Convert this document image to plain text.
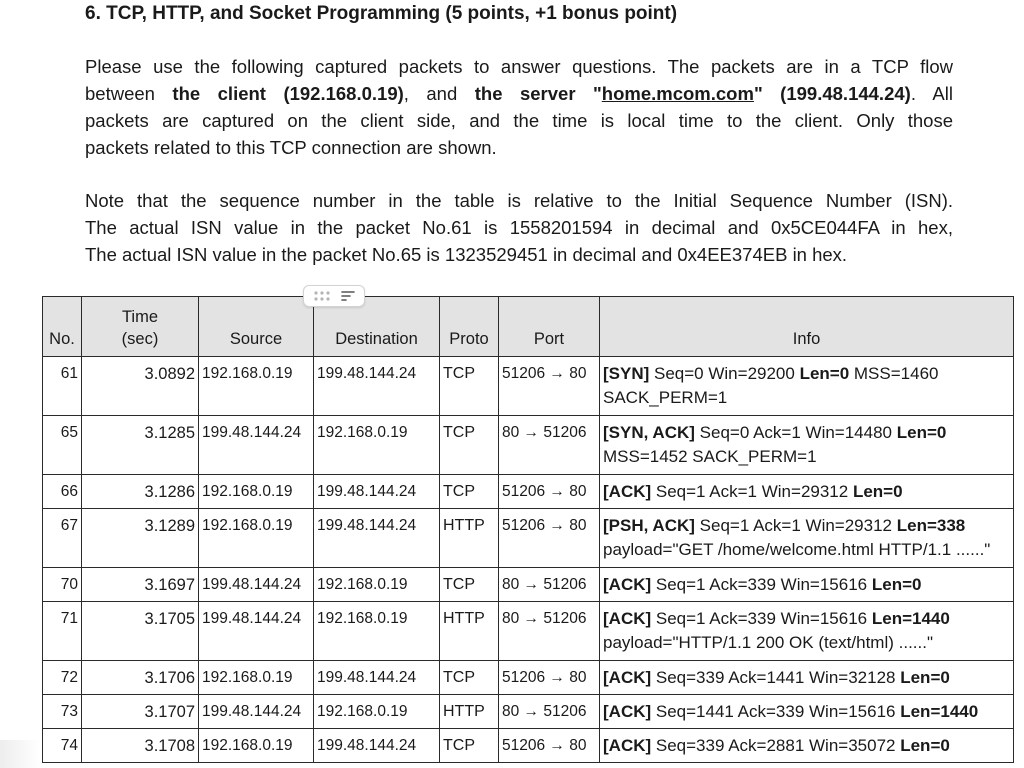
6. TCP, HTTP, and Socket Programming (5 points, +1 bonus point)
Please use the following captured packets to answer questions. The packets are in a TCP flow
between the client (192.168.0.19), and the server "home.mcom.com" (199.48.144.24). All
packets are captured on the client side, and the time is local time to the client. Only those
packets related to this TCP connection are shown.
Note that the sequence number in the table is relative to the Initial Sequence Number (ISN).
The actual ISN value in the packet No.61 is 1558201594 in decimal and 0x5CE044FA in hex,
The actual ISN value in the packet No.65 is 1323529451 in decimal and 0x4EE374EB in hex.
No.	Time
(sec)	Source	Destination	Proto	Port	Info
61	3.0892	192.168.0.19	199.48.144.24	TCP	51206 → 80	[SYN] Seq=0 Win=29200 Len=0 MSS=1460 SACK_PERM=1
65	3.1285	199.48.144.24	192.168.0.19	TCP	80 → 51206	[SYN, ACK] Seq=0 Ack=1 Win=14480 Len=0 MSS=1452 SACK_PERM=1
66	3.1286	192.168.0.19	199.48.144.24	TCP	51206 → 80	[ACK] Seq=1 Ack=1 Win=29312 Len=0
67	3.1289	192.168.0.19	199.48.144.24	HTTP	51206 → 80	[PSH, ACK] Seq=1 Ack=1 Win=29312 Len=338
payload="GET /home/welcome.html HTTP/1.1 ......"
70	3.1697	199.48.144.24	192.168.0.19	TCP	80 → 51206	[ACK] Seq=1 Ack=339 Win=15616 Len=0
71	3.1705	199.48.144.24	192.168.0.19	HTTP	80 → 51206	[ACK] Seq=1 Ack=339 Win=15616 Len=1440
payload="HTTP/1.1 200 OK (text/html) ......"
72	3.1706	192.168.0.19	199.48.144.24	TCP	51206 → 80	[ACK] Seq=339 Ack=1441 Win=32128 Len=0
73	3.1707	199.48.144.24	192.168.0.19	HTTP	80 → 51206	[ACK] Seq=1441 Ack=339 Win=15616 Len=1440
74	3.1708	192.168.0.19	199.48.144.24	TCP	51206 → 80	[ACK] Seq=339 Ack=2881 Win=35072 Len=0
